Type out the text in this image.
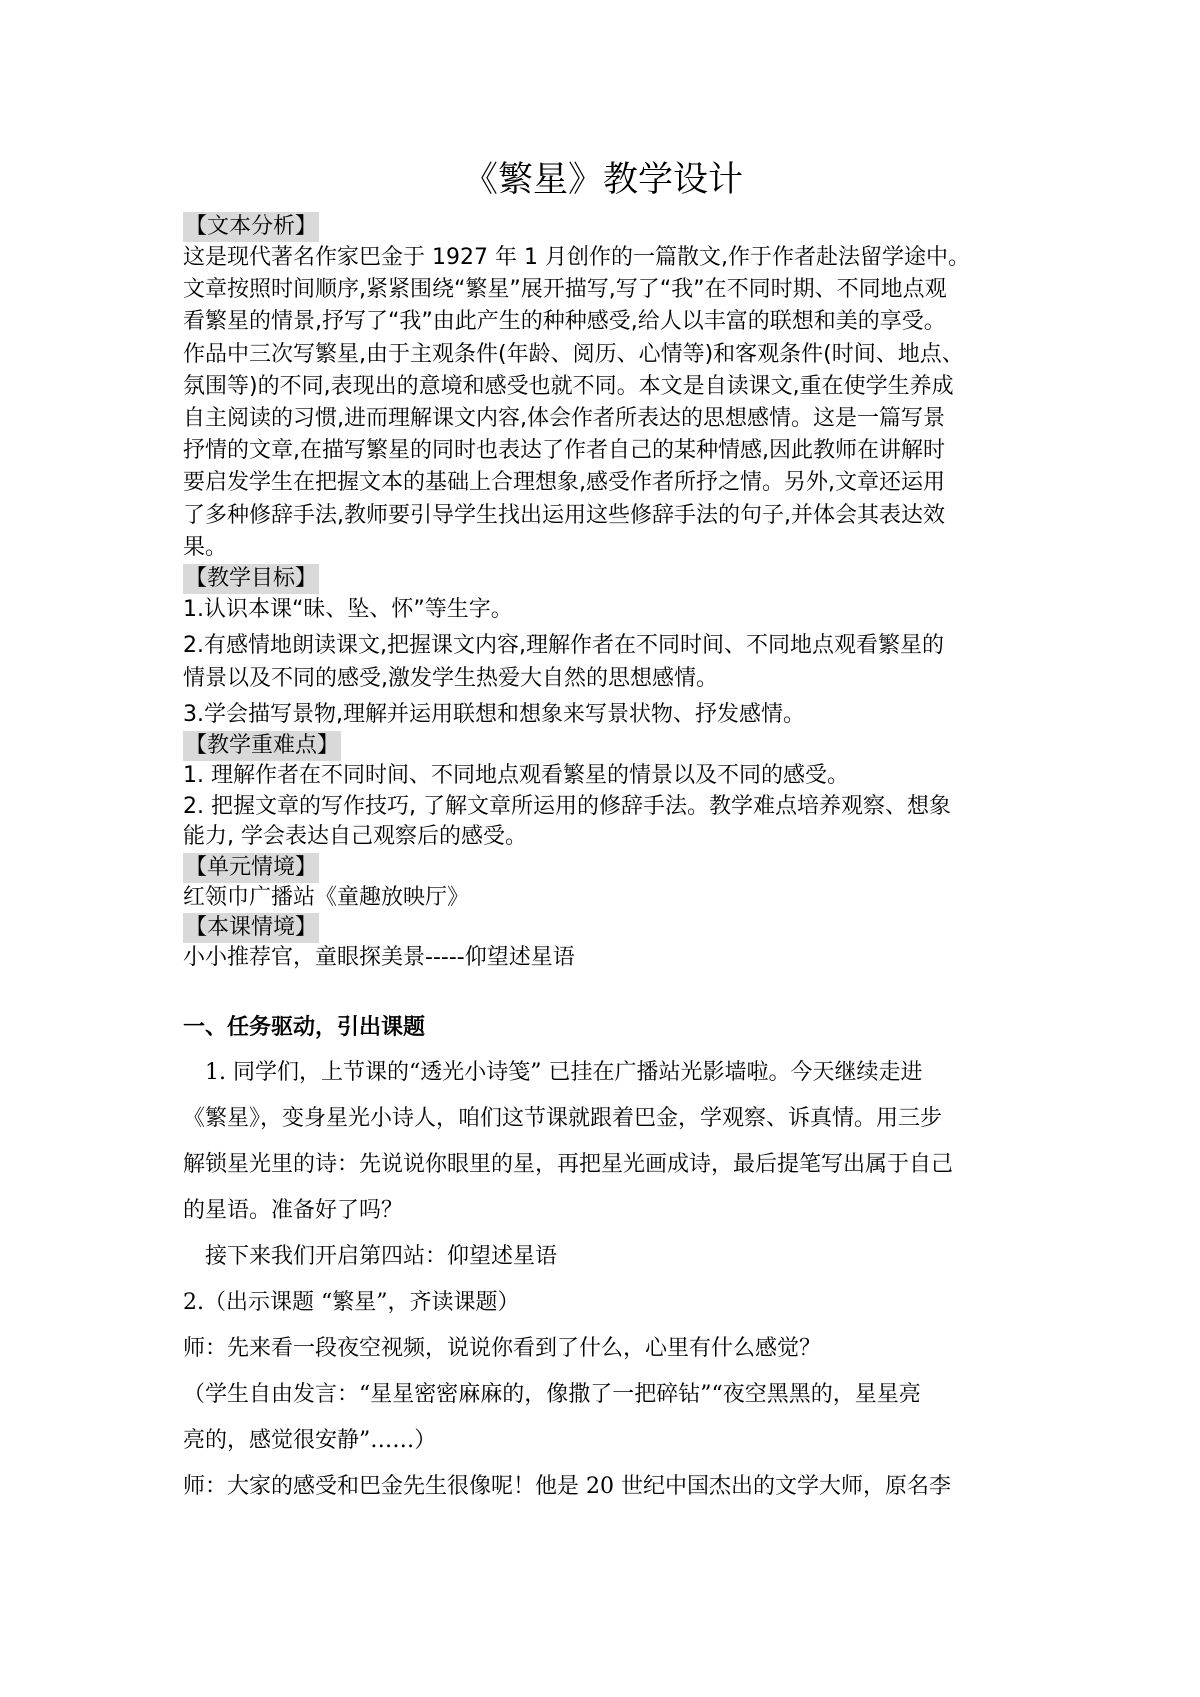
《繁星》教学设计
【文本分析】

这是现代著名作家巴金于 1927 年 1 月创作的一篇散文,作于作者赴法留学途中。

文章按照时间顺序,紧紧围绕“繁星”展开描写,写了“我”在不同时期、不同地点观

看繁星的情景,抒写了“我”由此产生的种种感受,给人以丰富的联想和美的享受。

作品中三次写繁星,由于主观条件(年龄、阅历、心情等)和客观条件(时间、地点、

氛围等)的不同,表现出的意境和感受也就不同。本文是自读课文,重在使学生养成

自主阅读的习惯,进而理解课文内容,体会作者所表达的思想感情。这是一篇写景

抒情的文章,在描写繁星的同时也表达了作者自己的某种情感,因此教师在讲解时

要启发学生在把握文本的基础上合理想象,感受作者所抒之情。另外,文章还运用

了多种修辞手法,教师要引导学生找出运用这些修辞手法的句子,并体会其表达效

果。

【教学目标】

1.认识本课“昧、坠、怀”等生字。

2.有感情地朗读课文,把握课文内容,理解作者在不同时间、不同地点观看繁星的

情景以及不同的感受,激发学生热爱大自然的思想感情。

3.学会描写景物,理解并运用联想和想象来写景状物、抒发感情。

【教学重难点】

1. 理解作者在不同时间、不同地点观看繁星的情景以及不同的感受。

2. 把握文章的写作技巧, 了解文章所运用的修辞手法。教学难点培养观察、想象

能力, 学会表达自己观察后的感受。

【单元情境】

红领巾广播站《童趣放映厅》

【本课情境】

小小推荐官，童眼探美景-----仰望述星语

一、任务驱动，引出课题

1. 同学们，上节课的“透光小诗笺” 已挂在广播站光影墙啦。今天继续走进

《繁星》，变身星光小诗人，咱们这节课就跟着巴金，学观察、诉真情。用三步

解锁星光里的诗：先说说你眼里的星，再把星光画成诗，最后提笔写出属于自己

的星语。准备好了吗？

接下来我们开启第四站：仰望述星语

2.（出示课题 “繁星”，齐读课题）

师：先来看一段夜空视频，说说你看到了什么，心里有什么感觉？

（学生自由发言：“星星密密麻麻的，像撒了一把碎钻”“夜空黑黑的，星星亮

亮的，感觉很安静”……）

师：大家的感受和巴金先生很像呢！他是 20 世纪中国杰出的文学大师，原名李
